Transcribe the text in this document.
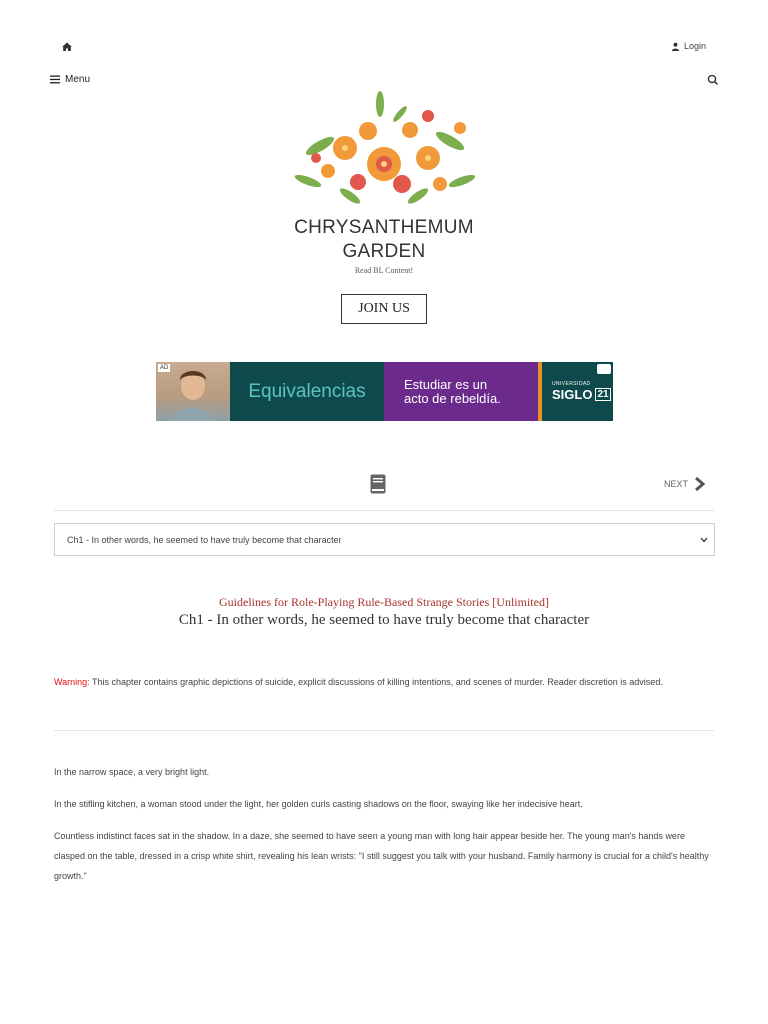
Login
Menu
CHRYSANTHEMUM
GARDEN
Read BL Content!
JOIN US
AD
Equivalencias	Estudiar es un
acto de rebeldía.
UNIVERSIDAD
SIGLO 21
NEXT
Ch1 - In other words, he seemed to have truly become that character
Guidelines for Role-Playing Rule-Based Strange Stories [Unlimited]
Ch1 - In other words, he seemed to have truly become that character
Warning: This chapter contains graphic depictions of suicide, explicit discussions of killing intentions, and scenes of murder. Reader discretion is advised.

In the narrow space, a very bright light.

In the stifling kitchen, a woman stood under the light, her golden curls casting shadows on the floor, swaying like her indecisive heart.

Countless indistinct faces sat in the shadow. In a daze, she seemed to have seen a young man with long hair appear beside her. The young man's hands were clasped on the table, dressed in a crisp white shirt, revealing his lean wrists: "I still suggest you talk with your husband. Family harmony is crucial for a child's healthy growth."
